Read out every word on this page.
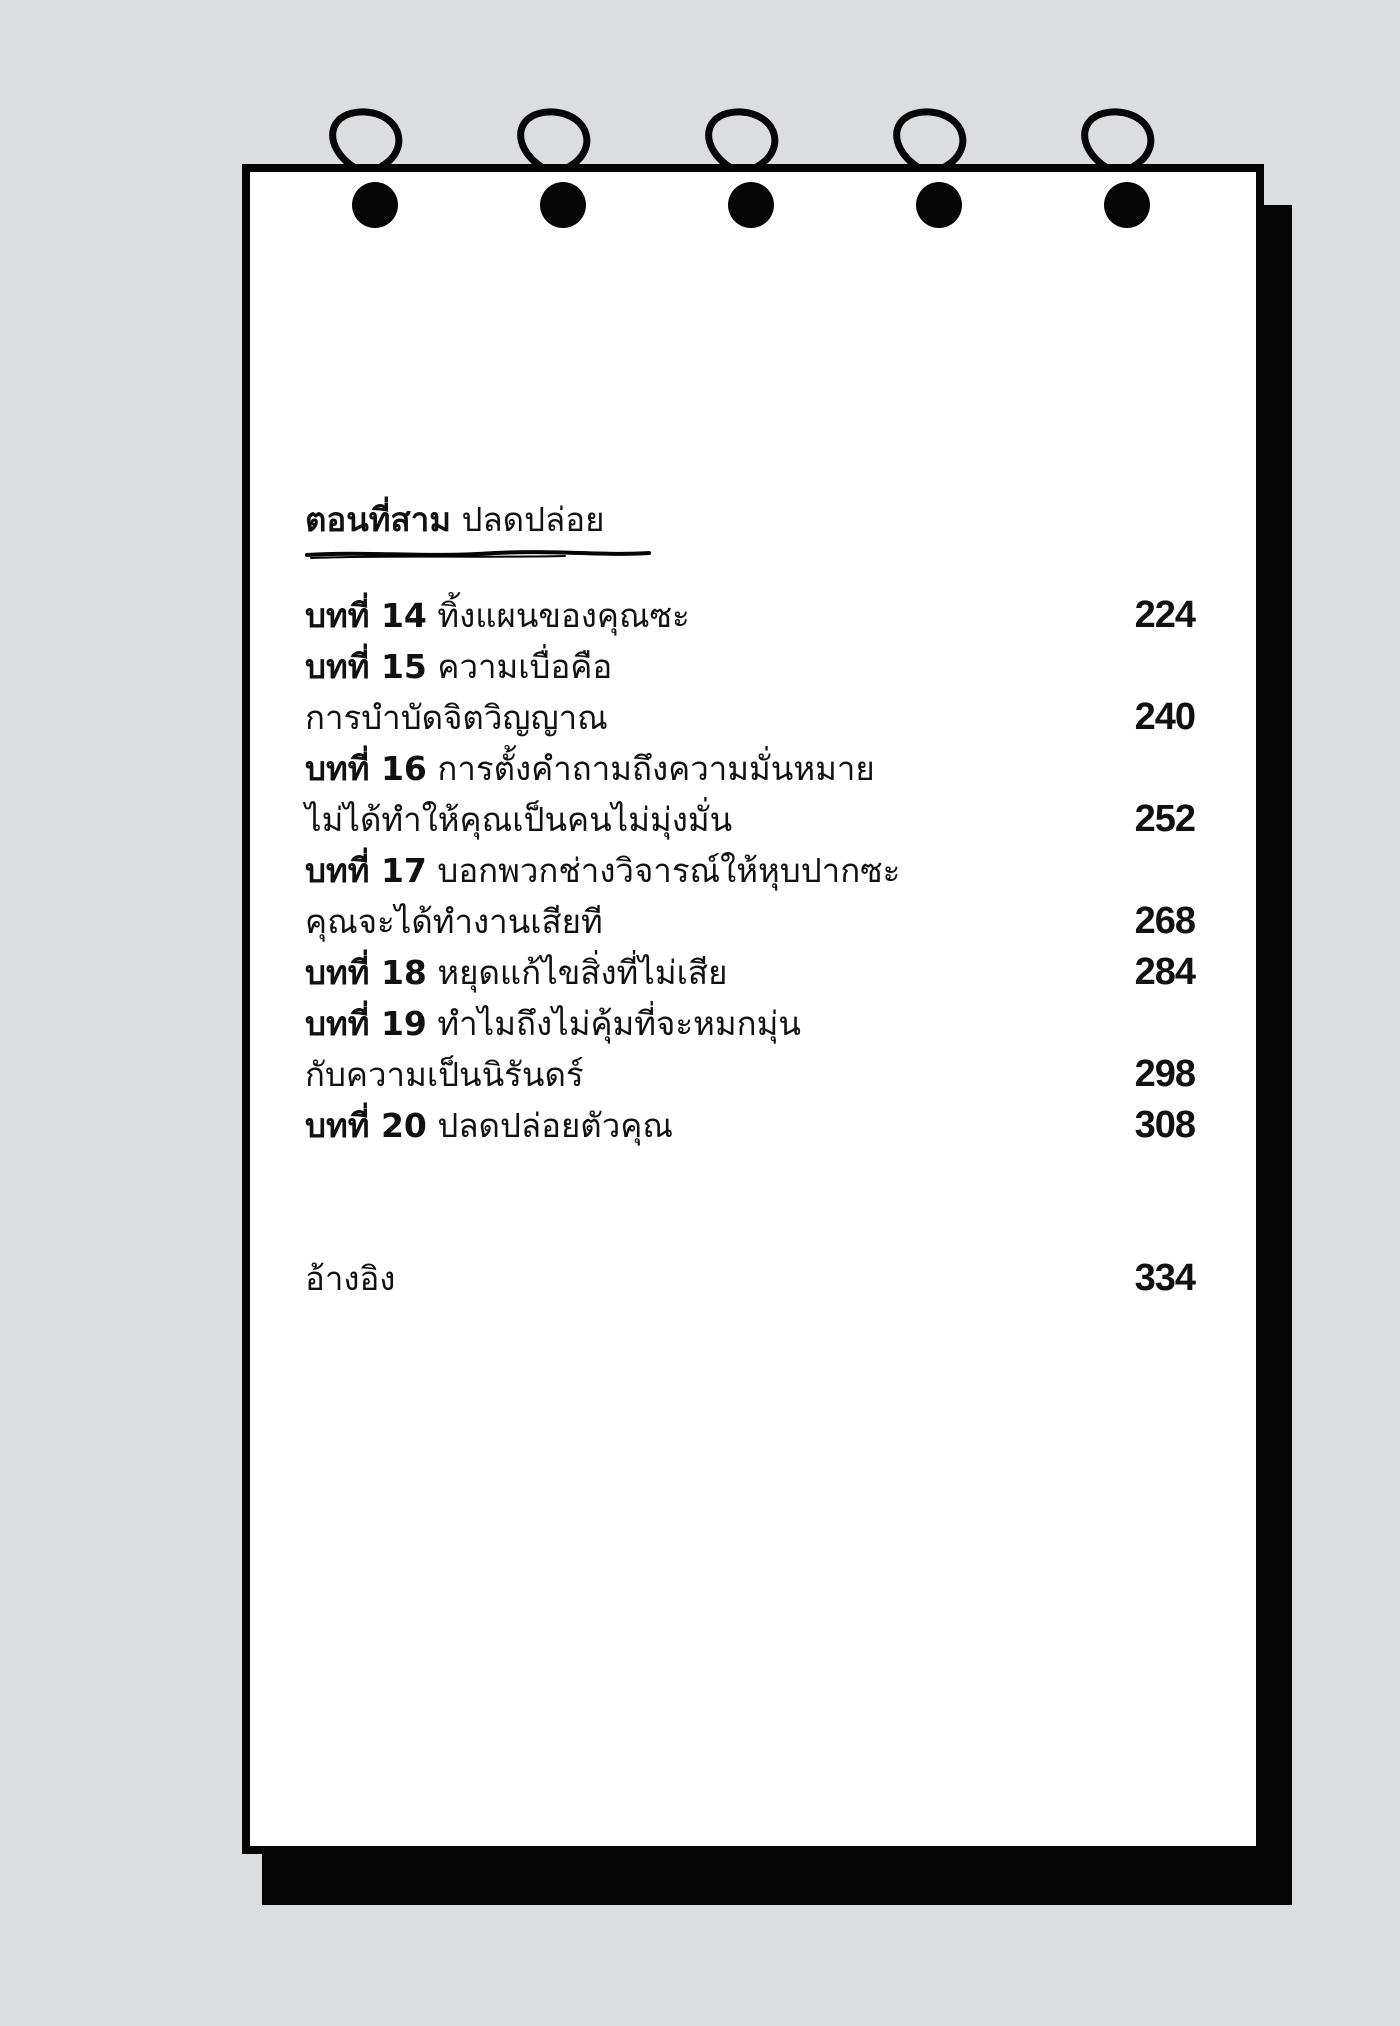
ตอนที่สาม ปลดปล่อย
บทที่ 14 ทิ้งแผนของคุณซะ	224
บทที่ 15 ความเบื่อคือ
การบำบัดจิตวิญญาณ	240
บทที่ 16 การตั้งคำถามถึงความมั่นหมาย
ไม่ได้ทำให้คุณเป็นคนไม่มุ่งมั่น	252
บทที่ 17 บอกพวกช่างวิจารณ์ให้หุบปากซะ
คุณจะได้ทำงานเสียที	268
บทที่ 18 หยุดแก้ไขสิ่งที่ไม่เสีย	284
บทที่ 19 ทำไมถึงไม่คุ้มที่จะหมกมุ่น
กับความเป็นนิรันดร์	298
บทที่ 20 ปลดปล่อยตัวคุณ	308
อ้างอิง	334
